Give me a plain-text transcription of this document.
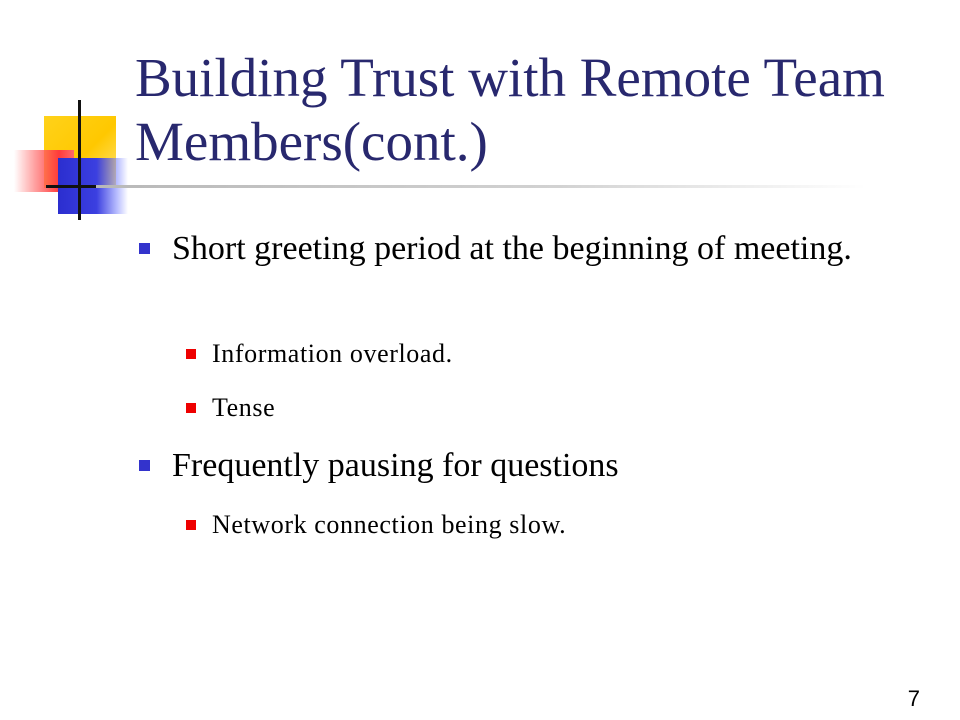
Building Trust with Remote Team Members(cont.)
Short greeting period at the beginning of meeting.
Information overload.
Tense
Frequently pausing for questions
Network connection being slow.
7
